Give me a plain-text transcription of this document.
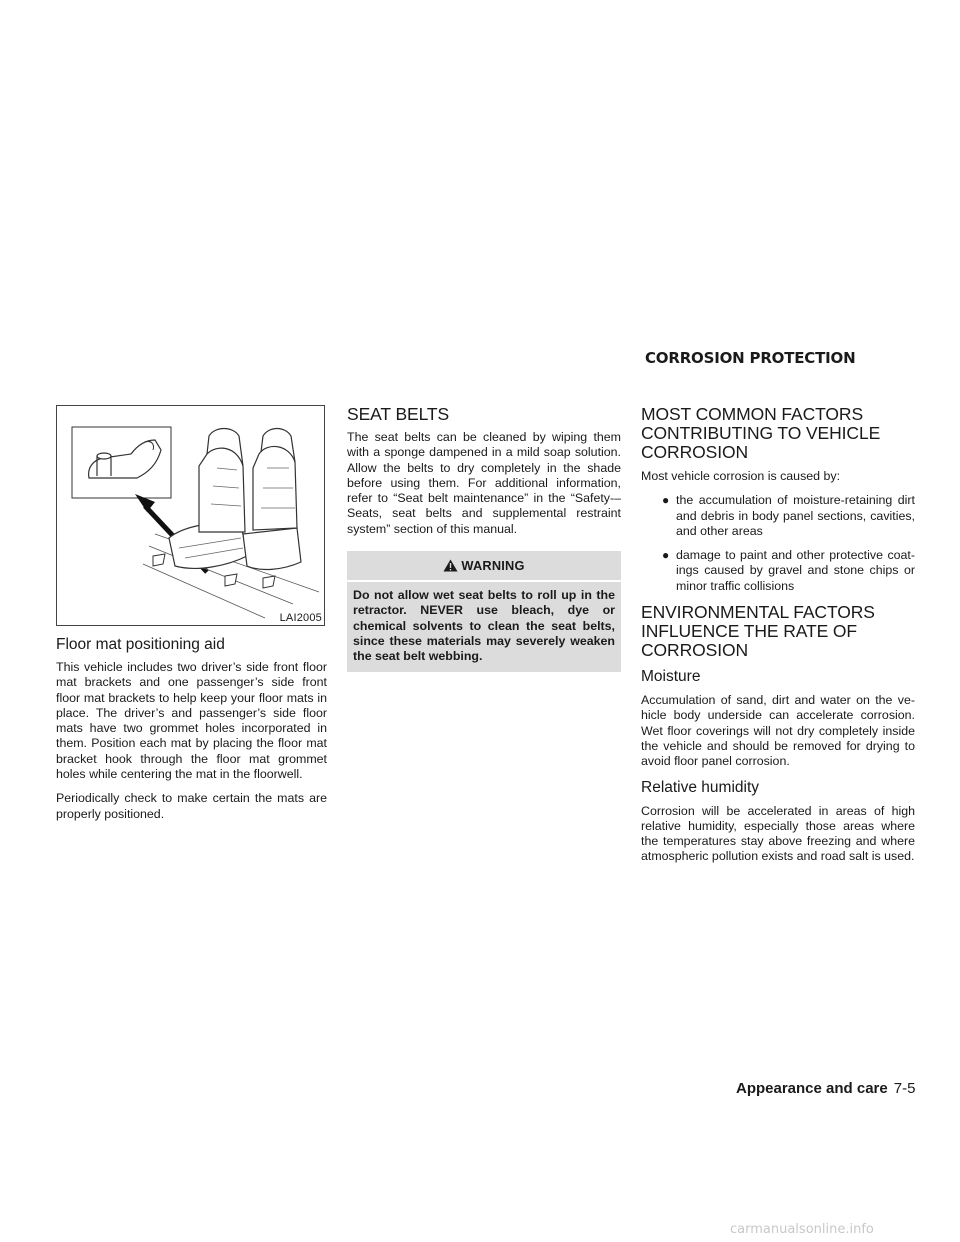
CORROSION PROTECTION
LAI2005
Floor mat positioning aid

This vehicle includes two driver’s side front floor mat brackets and one passenger’s side front floor mat brackets to help keep your floor mats in place. The driver’s and passenger’s side floor mats have two grommet holes incorporated in them. Position each mat by placing the floor mat bracket hook through the floor mat grommet holes while centering the mat in the floorwell.

Periodically check to make certain the mats are properly positioned.

SEAT BELTS

The seat belts can be cleaned by wiping them with a sponge dampened in a mild soap solution. Allow the belts to dry completely in the shade before using them. For additional information, refer to “Seat belt maintenance” in the “Safety-–Seats, seat belts and supplemental restraint system” section of this manual.

WARNING
Do not allow wet seat belts to roll up in the retractor. NEVER use bleach, dye or chemical solvents to clean the seat belts, since these materials may severely weaken the seat belt webbing.
MOST COMMON FACTORS CONTRIBUTING TO VEHICLE CORROSION

Most vehicle corrosion is caused by:

● the accumulation of moisture-retaining dirt and debris in body panel sections, cavities, and other areas
● damage to paint and other protective coat-ings caused by gravel and stone chips or minor traffic collisions
ENVIRONMENTAL FACTORS INFLUENCE THE RATE OF CORROSION
Moisture

Accumulation of sand, dirt and water on the ve-hicle body underside can accelerate corrosion. Wet floor coverings will not dry completely inside the vehicle and should be removed for drying to avoid floor panel corrosion.

Relative humidity

Corrosion will be accelerated in areas of high relative humidity, especially those areas where the temperatures stay above freezing and where atmospheric pollution exists and road salt is used.

Appearance and care 7-5
carmanualsonline.info
